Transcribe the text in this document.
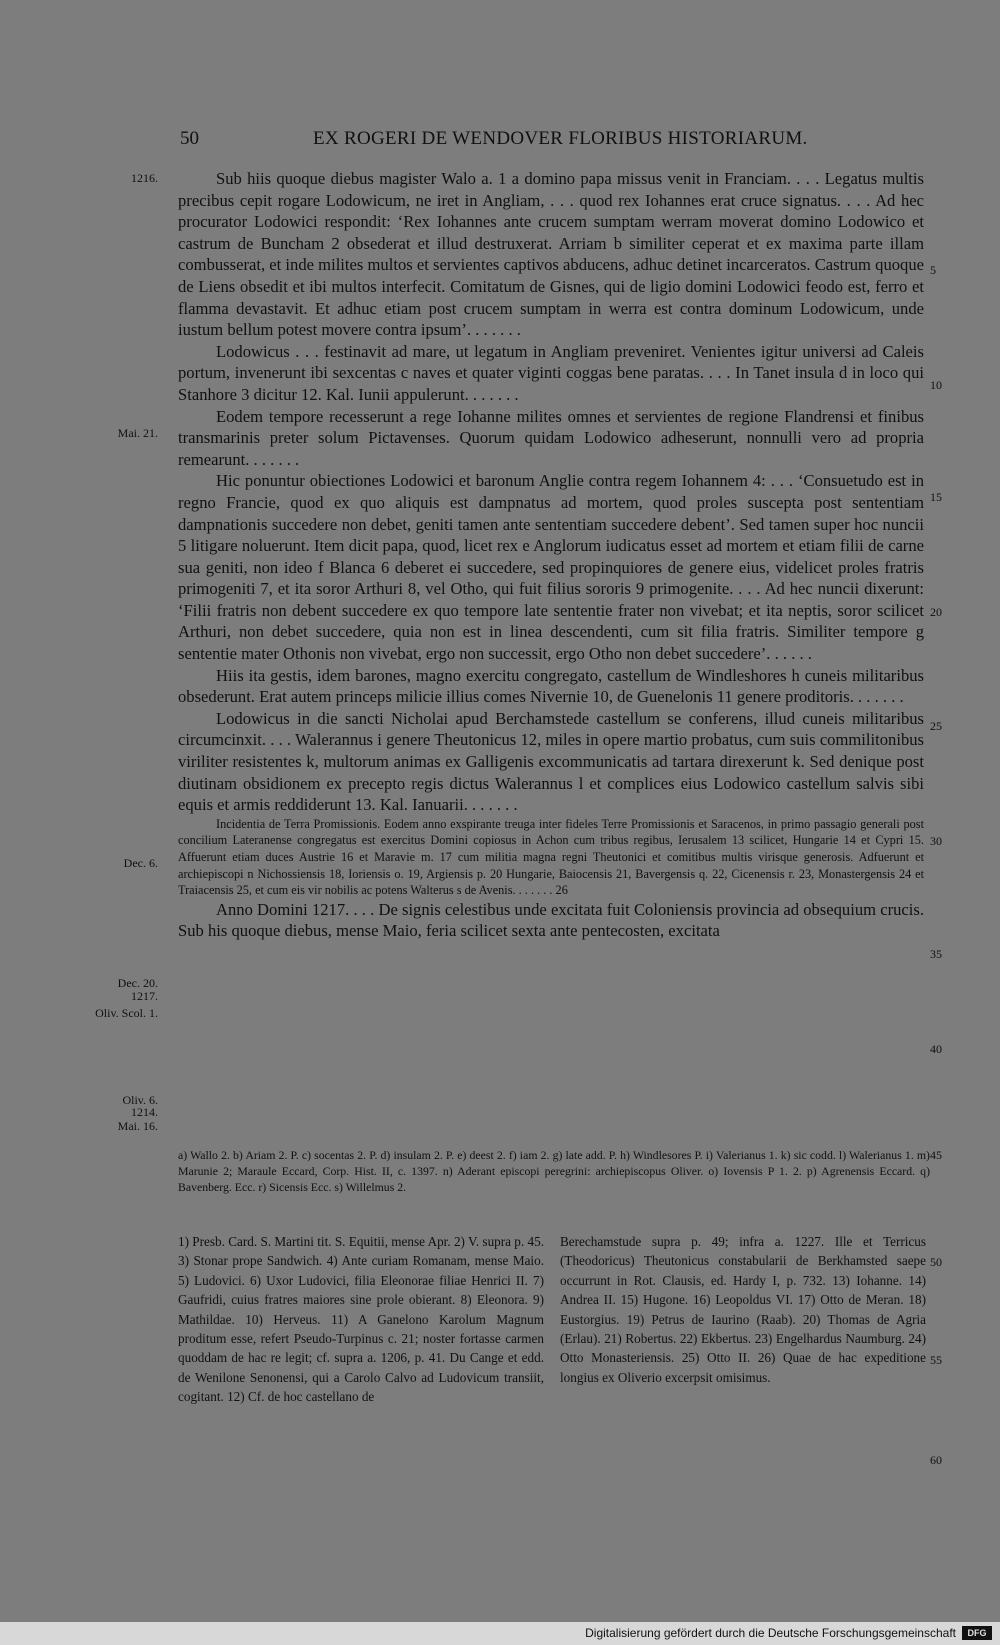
50	EX ROGERI DE WENDOVER FLORIBUS HISTORIARUM.
1216.
Mai. 21.
Dec. 6.
Dec. 20.
1217.
Oliv. Scol. 1.
Oliv. 6.
1214.
Mai. 16.
5
10
15
20
25
30
35
40
45
50
55
60

Sub hiis quoque diebus magister Walo a. 1 a domino papa missus venit in Franciam. . . . Legatus multis precibus cepit rogare Lodowicum, ne iret in Angliam, . . . quod rex Iohannes erat cruce signatus. . . . Ad hec procurator Lodowici respondit: ‘Rex Iohannes ante crucem sumptam werram moverat domino Lodowico et castrum de Buncham 2 obsederat et illud destruxerat. Arriam b similiter ceperat et ex maxima parte illam combusserat, et inde milites multos et servientes captivos abducens, adhuc detinet incarceratos. Castrum quoque de Liens obsedit et ibi multos interfecit. Comitatum de Gisnes, qui de ligio domini Lodowici feodo est, ferro et flamma devastavit. Et adhuc etiam post crucem sumptam in werra est contra dominum Lodowicum, unde iustum bellum potest movere contra ipsum’. . . . . . .

Lodowicus . . . festinavit ad mare, ut legatum in Angliam preveniret. Venientes igitur universi ad Caleis portum, invenerunt ibi sexcentas c naves et quater viginti coggas bene paratas. . . . In Tanet insula d in loco qui Stanhore 3 dicitur 12. Kal. Iunii appulerunt. . . . . . .

Eodem tempore recesserunt a rege Iohanne milites omnes et servientes de regione Flandrensi et finibus transmarinis preter solum Pictavenses. Quorum quidam Lodowico adheserunt, nonnulli vero ad propria remearunt. . . . . . .

Hic ponuntur obiectiones Lodowici et baronum Anglie contra regem Iohannem 4: . . . ‘Consuetudo est in regno Francie, quod ex quo aliquis est dampnatus ad mortem, quod proles suscepta post sententiam dampnationis succedere non debet, geniti tamen ante sententiam succedere debent’. Sed tamen super hoc nuncii 5 litigare noluerunt. Item dicit papa, quod, licet rex e Anglorum iudicatus esset ad mortem et etiam filii de carne sua geniti, non ideo f Blanca 6 deberet ei succedere, sed propinquiores de genere eius, videlicet proles fratris primogeniti 7, et ita soror Arthuri 8, vel Otho, qui fuit filius sororis 9 primogenite. . . . Ad hec nuncii dixerunt: ‘Filii fratris non debent succedere ex quo tempore late sententie frater non vivebat; et ita neptis, soror scilicet Arthuri, non debet succedere, quia non est in linea descendenti, cum sit filia fratris. Similiter tempore g sententie mater Othonis non vivebat, ergo non successit, ergo Otho non debet succedere’. . . . . .

Hiis ita gestis, idem barones, magno exercitu congregato, castellum de Windleshores h cuneis militaribus obsederunt. Erat autem princeps milicie illius comes Nivernie 10, de Guenelonis 11 genere proditoris. . . . . . .

Lodowicus in die sancti Nicholai apud Berchamstede castellum se conferens, illud cuneis militaribus circumcinxit. . . . Walerannus i genere Theutonicus 12, miles in opere martio probatus, cum suis commilitonibus viriliter resistentes k, multorum animas ex Galligenis excommunicatis ad tartara direxerunt k. Sed denique post diutinam obsidionem ex precepto regis dictus Walerannus l et complices eius Lodowico castellum salvis sibi equis et armis reddiderunt 13. Kal. Ianuarii. . . . . . .

Incidentia de Terra Promissionis. Eodem anno exspirante treuga inter fideles Terre Promissionis et Saracenos, in primo passagio generali post concilium Lateranense congregatus est exercitus Domini copiosus in Achon cum tribus regibus, Ierusalem 13 scilicet, Hungarie 14 et Cypri 15. Affuerunt etiam duces Austrie 16 et Maravie m. 17 cum militia magna regni Theutonici et comitibus multis virisque generosis. Adfuerunt et archiepiscopi n Nichossiensis 18, Ioriensis o. 19, Argiensis p. 20 Hungarie, Baiocensis 21, Bavergensis q. 22, Cicenensis r. 23, Monastergensis 24 et Traiacensis 25, et cum eis vir nobilis ac potens Walterus s de Avenis. . . . . . . 26

Anno Domini 1217. . . . De signis celestibus unde excitata fuit Coloniensis provincia ad obsequium crucis. Sub his quoque diebus, mense Maio, feria scilicet sexta ante pentecosten, excitata

a) Wallo 2. b) Ariam 2. P. c) socentas 2. P. d) insulam 2. P. e) deest 2. f) iam 2. g) late add. P. h) Windlesores P. i) Valerianus 1. k) sic codd. l) Walerianus 1. m) Marunie 2; Maraule Eccard, Corp. Hist. II, c. 1397. n) Aderant episcopi peregrini: archiepiscopus Oliver. o) Iovensis P 1. 2. p) Agrenensis Eccard. q) Bavenberg. Ecc. r) Sicensis Ecc. s) Willelmus 2.

1) Presb. Card. S. Martini tit. S. Equitii, mense Apr. 2) V. supra p. 45. 3) Stonar prope Sandwich. 4) Ante curiam Romanam, mense Maio. 5) Ludovici. 6) Uxor Ludovici, filia Eleonorae filiae Henrici II. 7) Gaufridi, cuius fratres maiores sine prole obierant. 8) Eleonora. 9) Mathildae. 10) Herveus. 11) A Ganelono Karolum Magnum proditum esse, refert Pseudo-Turpinus c. 21; noster fortasse carmen quoddam de hac re legit; cf. supra a. 1206, p. 41. Du Cange et edd. de Wenilone Senonensi, qui a Carolo Calvo ad Ludovicum transiit, cogitant. 12) Cf. de hoc castellano de

Berechamstude supra p. 49; infra a. 1227. Ille et Terricus (Theodoricus) Theutonicus constabularii de Berkhamsted saepe occurrunt in Rot. Clausis, ed. Hardy I, p. 732. 13) Iohanne. 14) Andrea II. 15) Hugone. 16) Leopoldus VI. 17) Otto de Meran. 18) Eustorgius. 19) Petrus de Iaurino (Raab). 20) Thomas de Agria (Erlau). 21) Robertus. 22) Ekbertus. 23) Engelhardus Naumburg. 24) Otto Monasteriensis. 25) Otto II. 26) Quae de hac expeditione longius ex Oliverio excerpsit omisimus.

Digitalisierung gefördert durch die Deutsche Forschungsgemeinschaft	DFG
